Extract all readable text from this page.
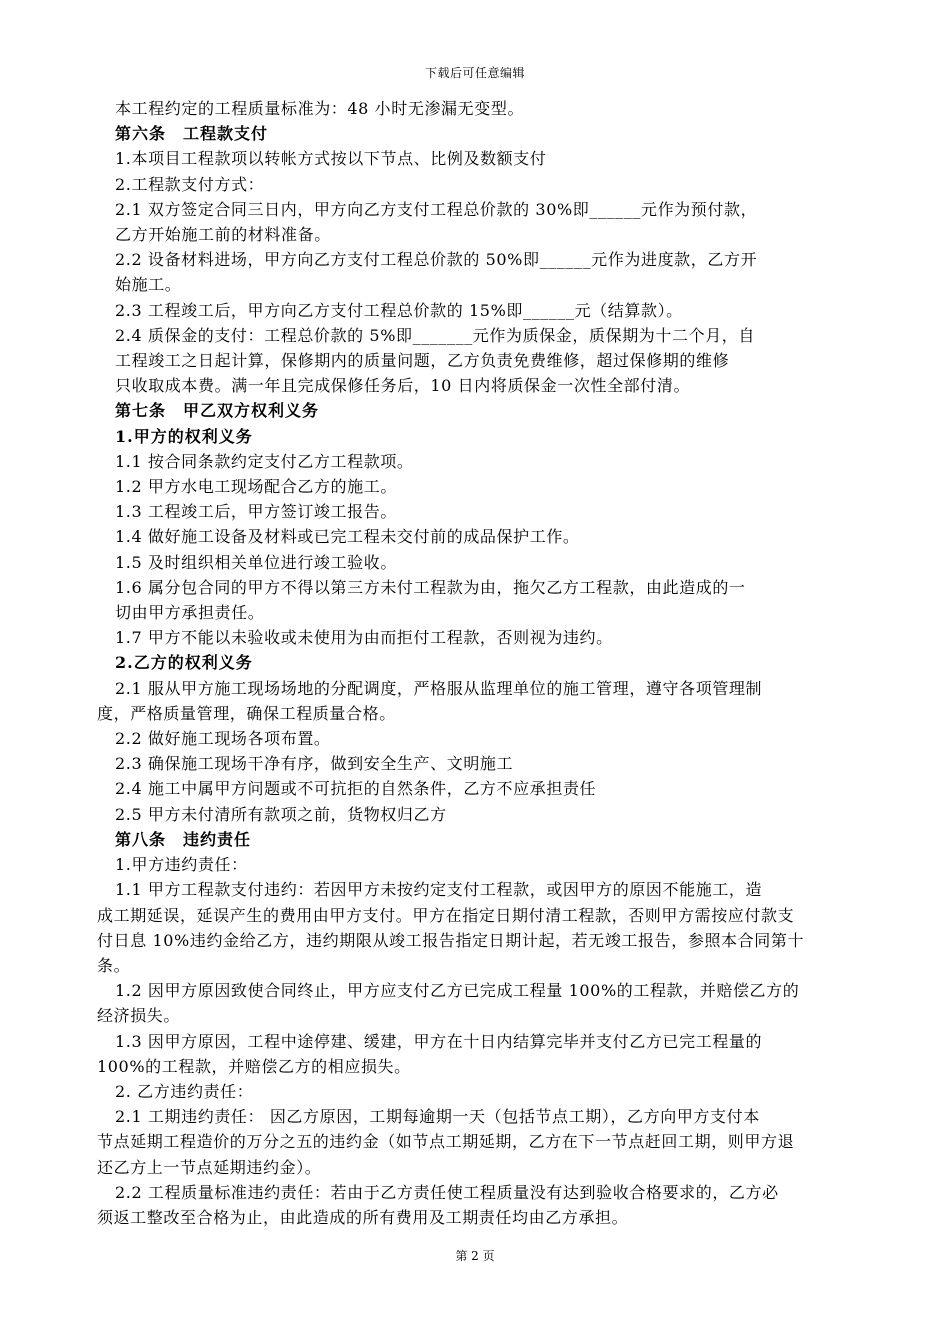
下载后可任意编辑
本工程约定的工程质量标准为：48 小时无渗漏无变型。
第六条　工程款支付
1.本项目工程款项以转帐方式按以下节点、比例及数额支付
2.工程款支付方式：
2.1 双方签定合同三日内，甲方向乙方支付工程总价款的 30%即______元作为预付款，
乙方开始施工前的材料准备。
2.2 设备材料进场，甲方向乙方支付工程总价款的 50%即______元作为进度款，乙方开
始施工。
2.3 工程竣工后，甲方向乙方支付工程总价款的 15%即______元（结算款）。
2.4 质保金的支付：工程总价款的 5%即_______元作为质保金，质保期为十二个月，自
工程竣工之日起计算，保修期内的质量问题，乙方负责免费维修，超过保修期的维修
只收取成本费。满一年且完成保修任务后，10 日内将质保金一次性全部付清。
第七条　甲乙双方权利义务
1.甲方的权利义务
1.1 按合同条款约定支付乙方工程款项。
1.2 甲方水电工现场配合乙方的施工。
1.3 工程竣工后，甲方签订竣工报告。
1.4 做好施工设备及材料或已完工程未交付前的成品保护工作。
1.5 及时组织相关单位进行竣工验收。
1.6 属分包合同的甲方不得以第三方未付工程款为由，拖欠乙方工程款，由此造成的一
切由甲方承担责任。
1.7 甲方不能以未验收或未使用为由而拒付工程款，否则视为违约。
2.乙方的权利义务
2.1 服从甲方施工现场场地的分配调度，严格服从监理单位的施工管理，遵守各项管理制
度，严格质量管理，确保工程质量合格。
2.2 做好施工现场各项布置。
2.3 确保施工现场干净有序，做到安全生产、文明施工
2.4 施工中属甲方问题或不可抗拒的自然条件，乙方不应承担责任
2.5 甲方未付清所有款项之前，货物权归乙方
第八条　违约责任
1.甲方违约责任：
1.1 甲方工程款支付违约：若因甲方未按约定支付工程款，或因甲方的原因不能施工，造
成工期延误，延误产生的费用由甲方支付。甲方在指定日期付清工程款，否则甲方需按应付款支
付日息 10%违约金给乙方，违约期限从竣工报告指定日期计起，若无竣工报告，参照本合同第十
条。
1.2 因甲方原因致使合同终止，甲方应支付乙方已完成工程量 100%的工程款，并赔偿乙方的
经济损失。
1.3 因甲方原因，工程中途停建、缓建，甲方在十日内结算完毕并支付乙方已完工程量的
100%的工程款，并赔偿乙方的相应损失。
2. 乙方违约责任：
2.1 工期违约责任： 因乙方原因，工期每逾期一天（包括节点工期），乙方向甲方支付本
节点延期工程造价的万分之五的违约金（如节点工期延期，乙方在下一节点赶回工期，则甲方退
还乙方上一节点延期违约金）。
2.2 工程质量标准违约责任：若由于乙方责任使工程质量没有达到验收合格要求的，乙方必
须返工整改至合格为止，由此造成的所有费用及工期责任均由乙方承担。
第 2 页
